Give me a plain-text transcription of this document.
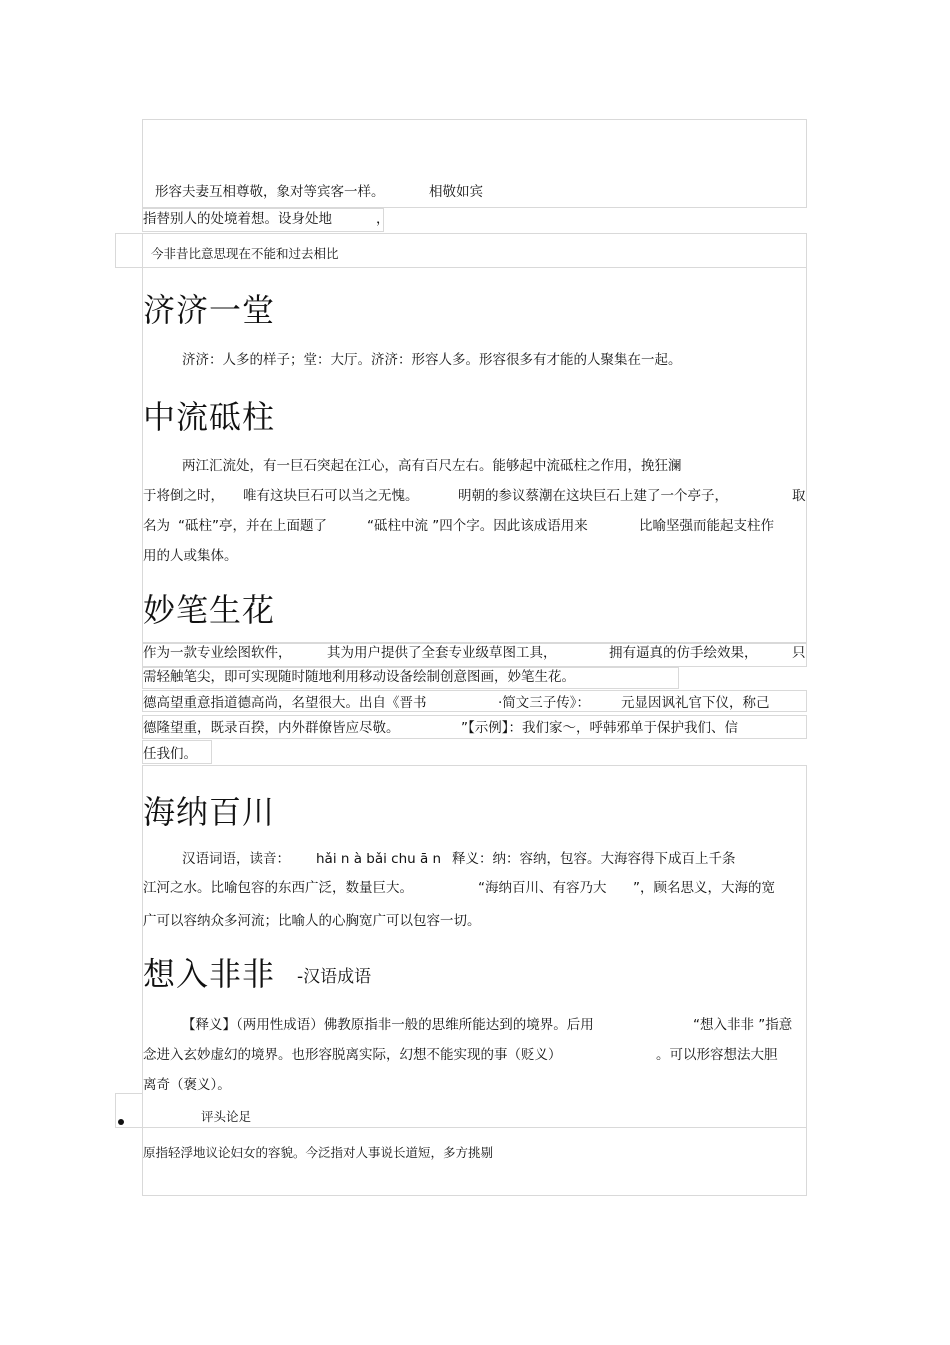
形容夫妻互相尊敬，象对等宾客一样。	相敬如宾
指替别人的处境着想。设身处地	，
今非昔比意思现在不能和过去相比
济济一堂
济济：人多的样子；堂：大厅。济济：形容人多。形容很多有才能的人聚集在一起。
中流砥柱
两江汇流处，有一巨石突起在江心，高有百尺左右。能够起中流砥柱之作用，挽狂澜
于将倒之时， 唯有这块巨石可以当之无愧。	明朝的参议蔡潮在这块巨石上建了一个亭子，	取
名为 “砥柱”亭，并在上面题了	“砥柱中流 ”四个字。因此该成语用来	比喻坚强而能起支柱作
用的人或集体。
妙笔生花
作为一款专业绘图软件，	其为用户提供了全套专业级草图工具，	拥有逼真的仿手绘效果，	只
需轻触笔尖，即可实现随时随地利用移动设备绘制创意图画，妙笔生花。
德高望重意指道德高尚，名望很大。出自《晋书	·简文三子传》： 元显因讽礼官下仪，称己
德隆望重，既录百揆，内外群僚皆应尽敬。	”【示例】：我们家～，呼韩邪单于保护我们、信
任我们。
海纳百川
汉语词语，读音： hǎi n à bǎi chu ā n 释义：纳：容纳，包容。大海容得下成百上千条
江河之水。比喻包容的东西广泛，数量巨大。	“海纳百川、有容乃大 ”，顾名思义，大海的宽
广可以容纳众多河流；比喻人的心胸宽广可以包容一切。
想入非非 -汉语成语
【释义】（两用性成语）佛教原指非一般的思维所能达到的境界。后用	“想入非非 ”指意
念进入玄妙虚幻的境界。也形容脱离实际，幻想不能实现的事（贬义）	。可以形容想法大胆
离奇（褒义）。
评头论足
原指轻浮地议论妇女的容貌。今泛指对人事说长道短，多方挑剔
